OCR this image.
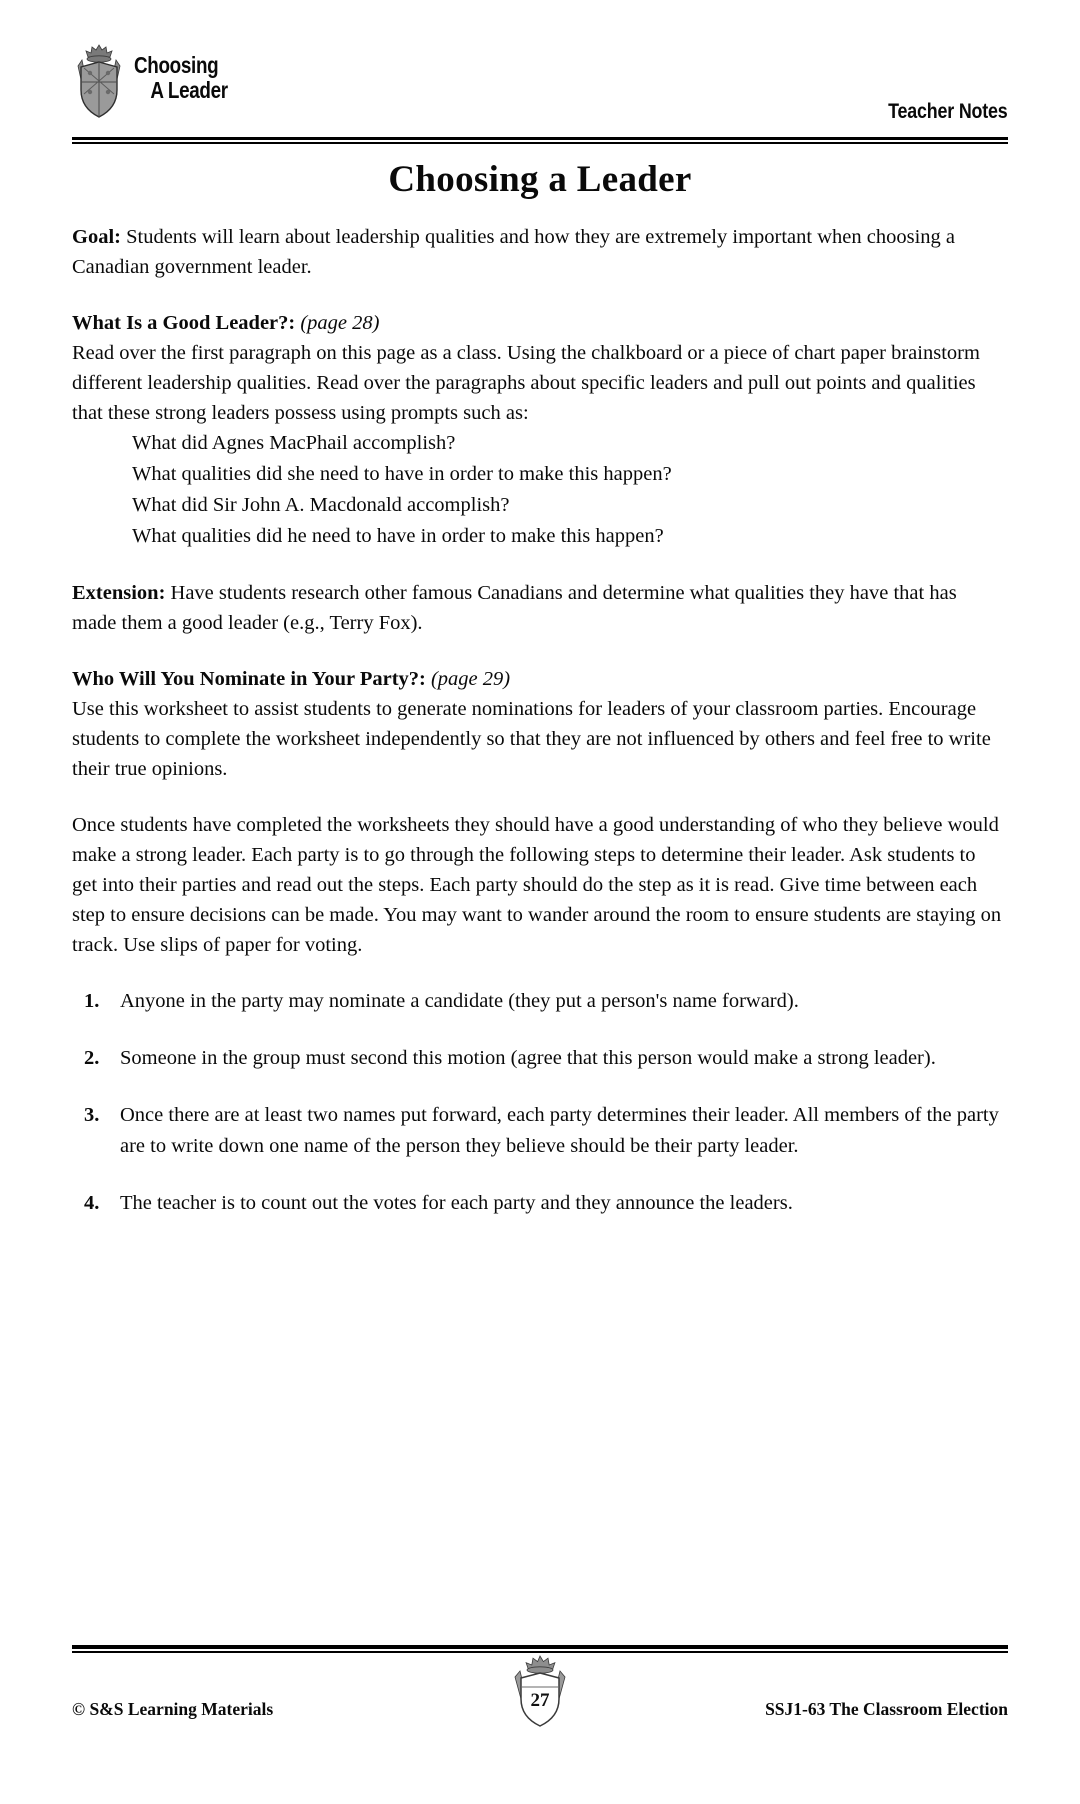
Choosing

A Leader

Teacher Notes
Choosing a Leader

Goal: Students will learn about leadership qualities and how they are extremely important when choosing a Canadian government leader.

What Is a Good Leader?: (page 28)

Read over the first paragraph on this page as a class. Using the chalkboard or a piece of chart paper brainstorm different leadership qualities. Read over the paragraphs about specific leaders and pull out points and qualities that these strong leaders possess using prompts such as:

What did Agnes MacPhail accomplish?
What qualities did she need to have in order to make this happen?
What did Sir John A. Macdonald accomplish?
What qualities did he need to have in order to make this happen?

Extension: Have students research other famous Canadians and determine what qualities they have that has made them a good leader (e.g., Terry Fox).

Who Will You Nominate in Your Party?: (page 29)

Use this worksheet to assist students to generate nominations for leaders of your classroom parties. Encourage students to complete the worksheet independently so that they are not influenced by others and feel free to write their true opinions.

Once students have completed the worksheets they should have a good understanding of who they believe would make a strong leader. Each party is to go through the following steps to determine their leader. Ask students to get into their parties and read out the steps. Each party should do the step as it is read. Give time between each step to ensure decisions can be made. You may want to wander around the room to ensure students are staying on track. Use slips of paper for voting.

Anyone in the party may nominate a candidate (they put a person's name forward).
Someone in the group must second this motion (agree that this person would make a strong leader).
Once there are at least two names put forward, each party determines their leader. All members of the party are to write down one name of the person they believe should be their party leader.
The teacher is to count out the votes for each party and they announce the leaders.
© S&S Learning Materials	27	SSJ1-63 The Classroom Election
